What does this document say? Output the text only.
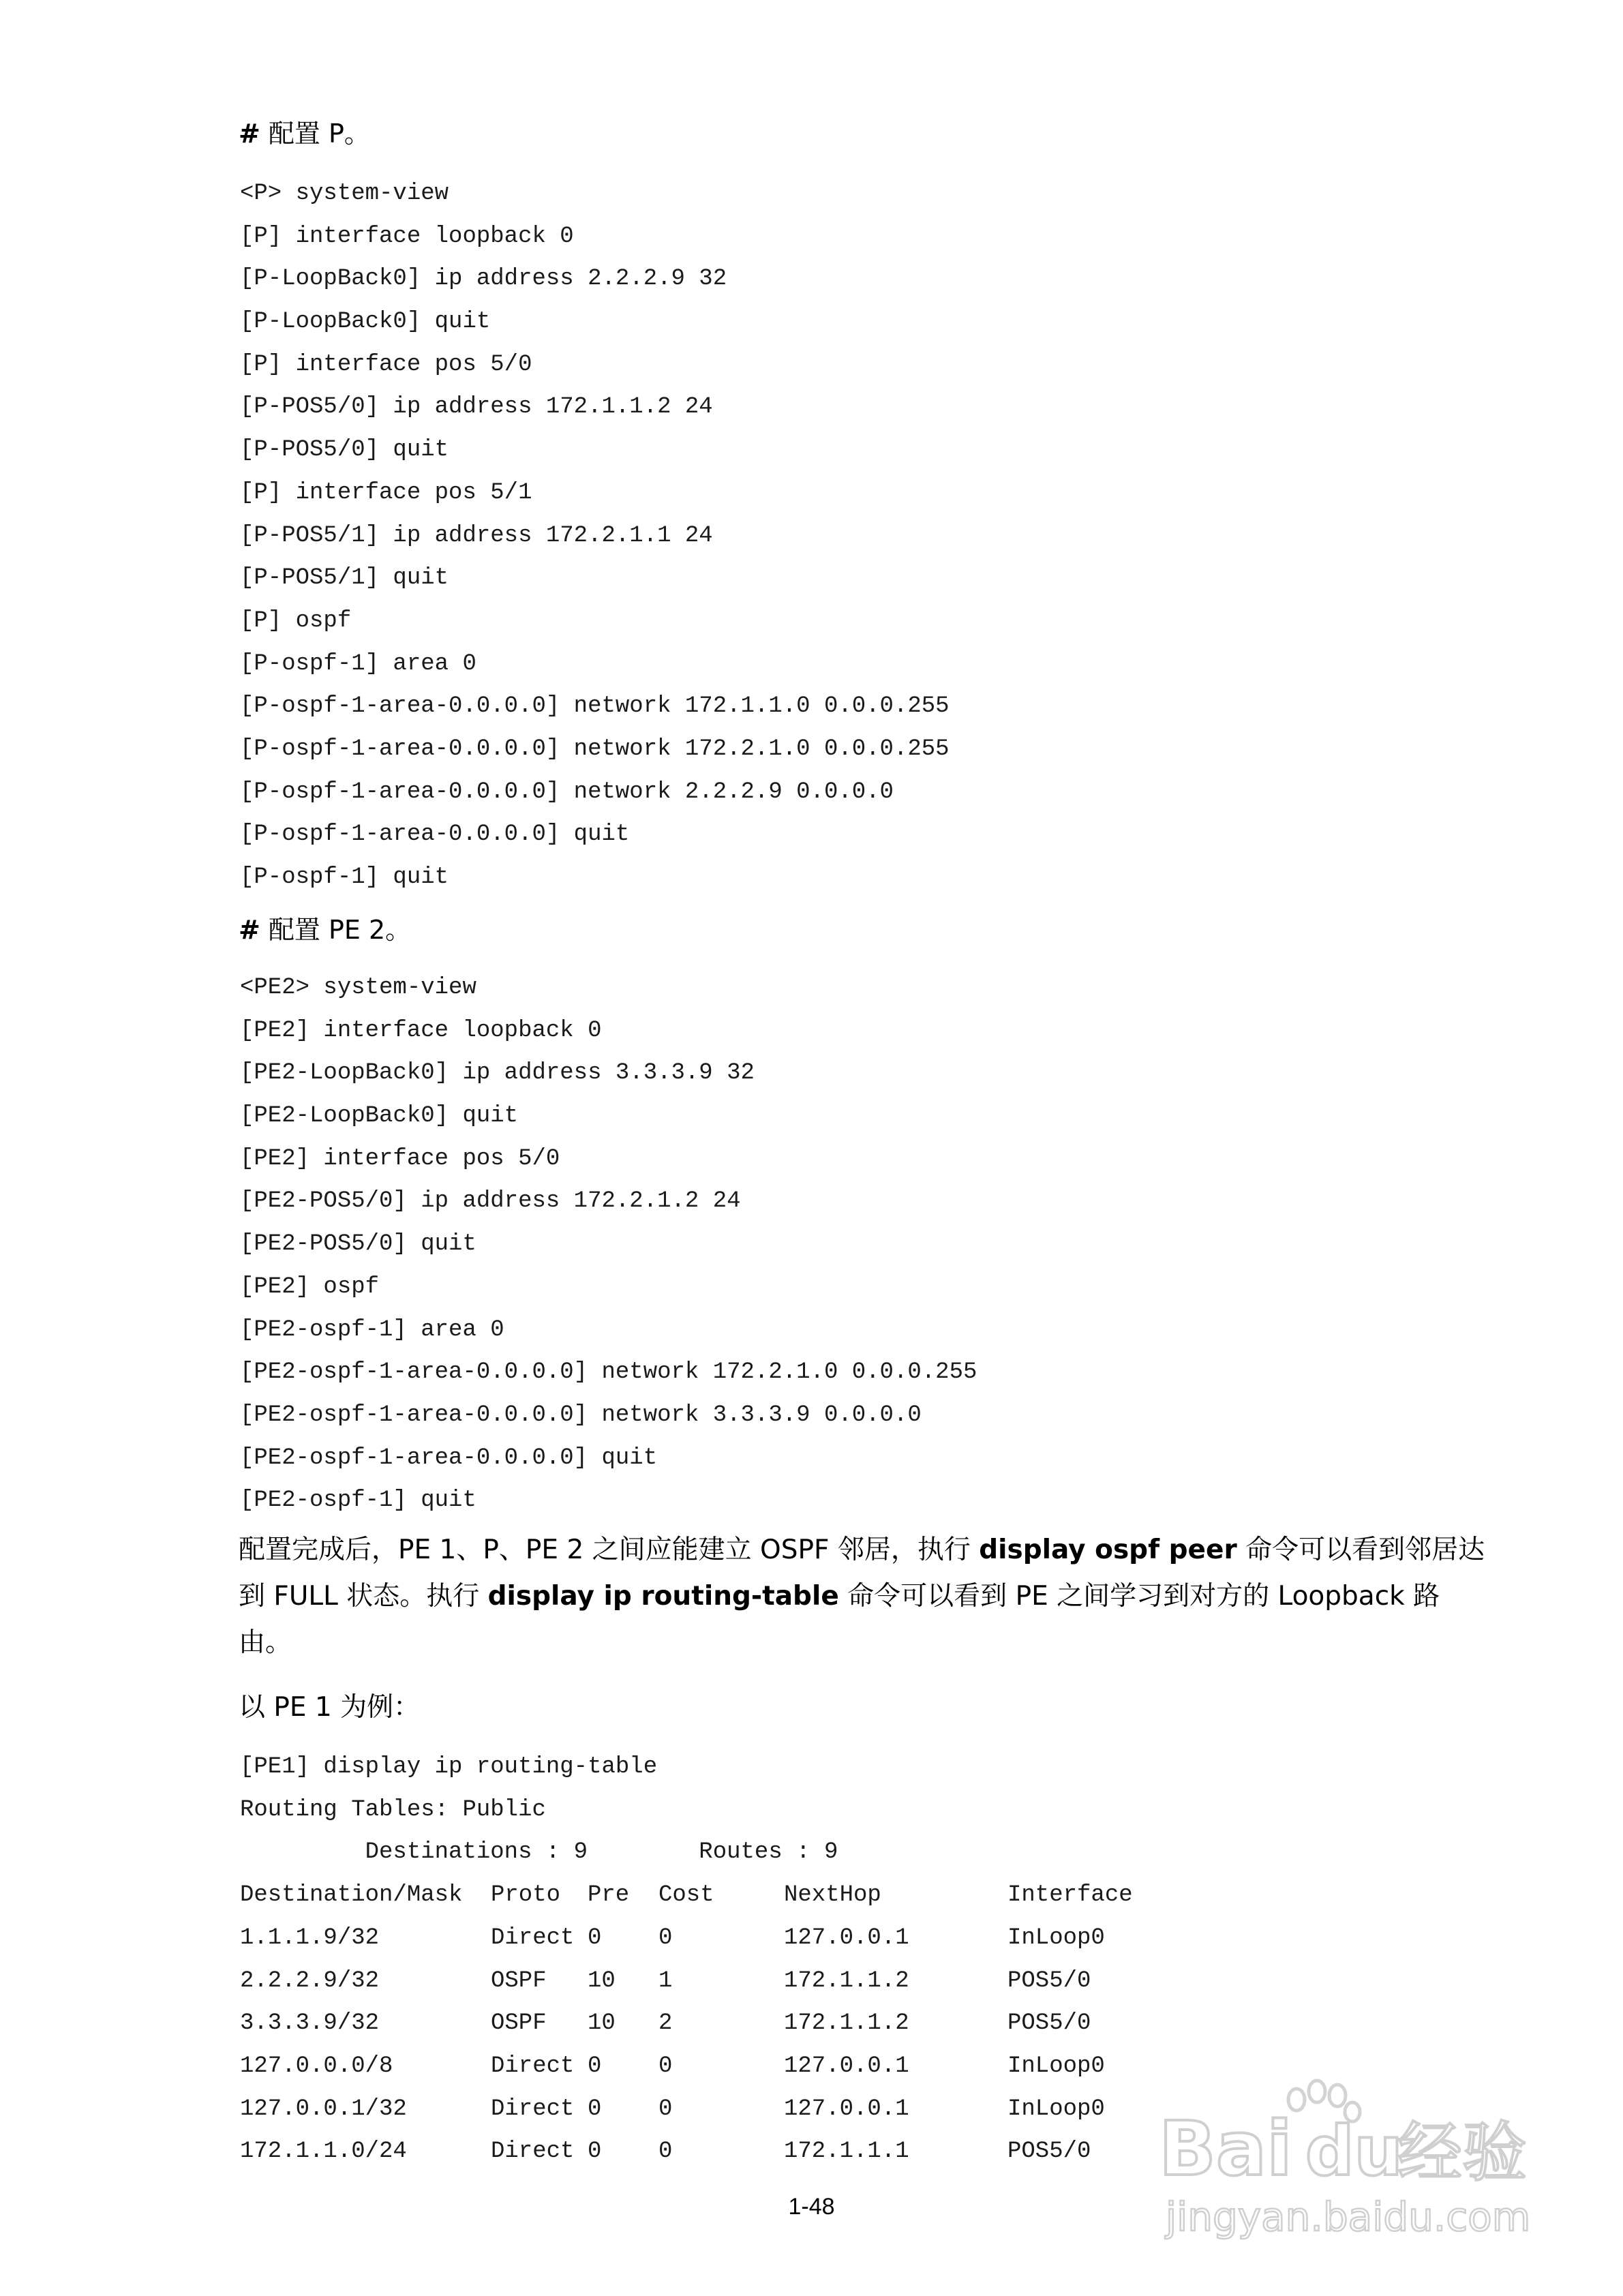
# 配置 P。
<P> system-view
[P] interface loopback 0
[P-LoopBack0] ip address 2.2.2.9 32
[P-LoopBack0] quit
[P] interface pos 5/0
[P-POS5/0] ip address 172.1.1.2 24
[P-POS5/0] quit
[P] interface pos 5/1
[P-POS5/1] ip address 172.2.1.1 24
[P-POS5/1] quit
[P] ospf
[P-ospf-1] area 0
[P-ospf-1-area-0.0.0.0] network 172.1.1.0 0.0.0.255
[P-ospf-1-area-0.0.0.0] network 172.2.1.0 0.0.0.255
[P-ospf-1-area-0.0.0.0] network 2.2.2.9 0.0.0.0
[P-ospf-1-area-0.0.0.0] quit
[P-ospf-1] quit
# 配置 PE 2。
<PE2> system-view
[PE2] interface loopback 0
[PE2-LoopBack0] ip address 3.3.3.9 32
[PE2-LoopBack0] quit
[PE2] interface pos 5/0
[PE2-POS5/0] ip address 172.2.1.2 24
[PE2-POS5/0] quit
[PE2] ospf
[PE2-ospf-1] area 0
[PE2-ospf-1-area-0.0.0.0] network 172.2.1.0 0.0.0.255
[PE2-ospf-1-area-0.0.0.0] network 3.3.3.9 0.0.0.0
[PE2-ospf-1-area-0.0.0.0] quit
[PE2-ospf-1] quit
配置完成后，PE 1、P、PE 2 之间应能建立 OSPF 邻居，执行 display ospf peer 命令可以看到邻居达到 FULL 状态。执行 display ip routing-table 命令可以看到 PE 之间学习到对方的 Loopback 路由。
以 PE 1 为例：
[PE1] display ip routing-table
Routing Tables: Public
Destinations : 9        Routes : 9
Destination/Mask Proto Pre Cost	NextHop	Interface
1.1.1.9/32	Direct 0 0	127.0.0.1	InLoop0
2.2.2.9/32	OSPF 10 1	172.1.1.2	POS5/0
3.3.3.9/32	OSPF 10 2	172.1.1.2	POS5/0
127.0.0.0/8	Direct 0 0	127.0.0.1	InLoop0
127.0.0.1/32	Direct 0 0	127.0.0.1	InLoop0
172.1.1.0/24	Direct 0 0	172.1.1.1	POS5/0
1-48
Bai du
经验
jingyan.baidu.com
